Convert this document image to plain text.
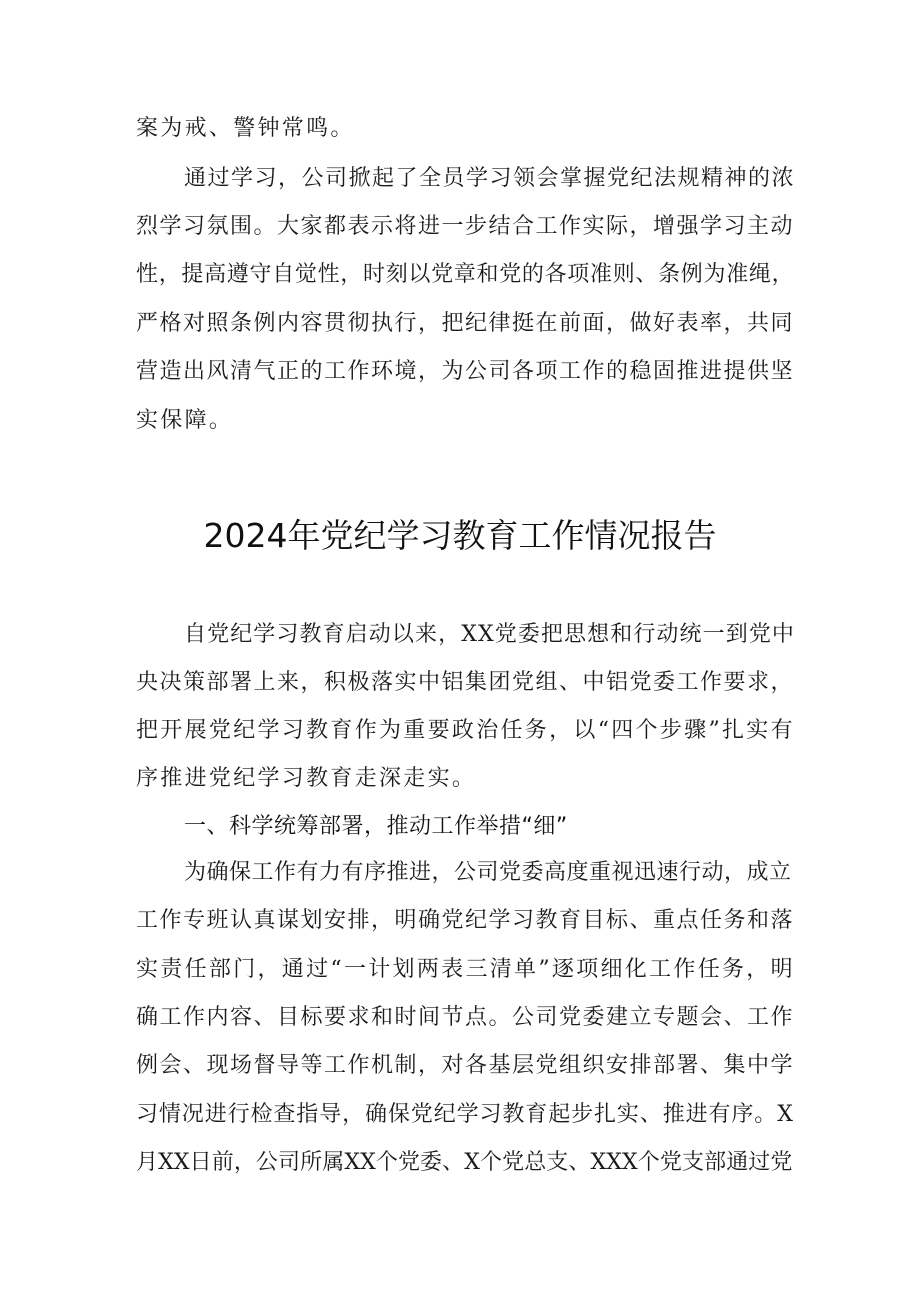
案为戒、警钟常鸣。
通过学习，公司掀起了全员学习领会掌握党纪法规精神的浓
烈学习氛围。大家都表示将进一步结合工作实际，增强学习主动
性，提高遵守自觉性，时刻以党章和党的各项准则、条例为准绳，
严格对照条例内容贯彻执行，把纪律挺在前面，做好表率，共同
营造出风清气正的工作环境，为公司各项工作的稳固推进提供坚
实保障。
2024年党纪学习教育工作情况报告
自党纪学习教育启动以来，XX党委把思想和行动统一到党中
央决策部署上来，积极落实中铝集团党组、中铝党委工作要求，
把开展党纪学习教育作为重要政治任务，以“四个步骤”扎实有
序推进党纪学习教育走深走实。
一、科学统筹部署，推动工作举措“细”
为确保工作有力有序推进，公司党委高度重视迅速行动，成立
工作专班认真谋划安排，明确党纪学习教育目标、重点任务和落
实责任部门，通过“一计划两表三清单”逐项细化工作任务，明
确工作内容、目标要求和时间节点。公司党委建立专题会、工作
例会、现场督导等工作机制，对各基层党组织安排部署、集中学
习情况进行检查指导，确保党纪学习教育起步扎实、推进有序。X
月XX日前，公司所属XX个党委、X个党总支、XXX个党支部通过党
